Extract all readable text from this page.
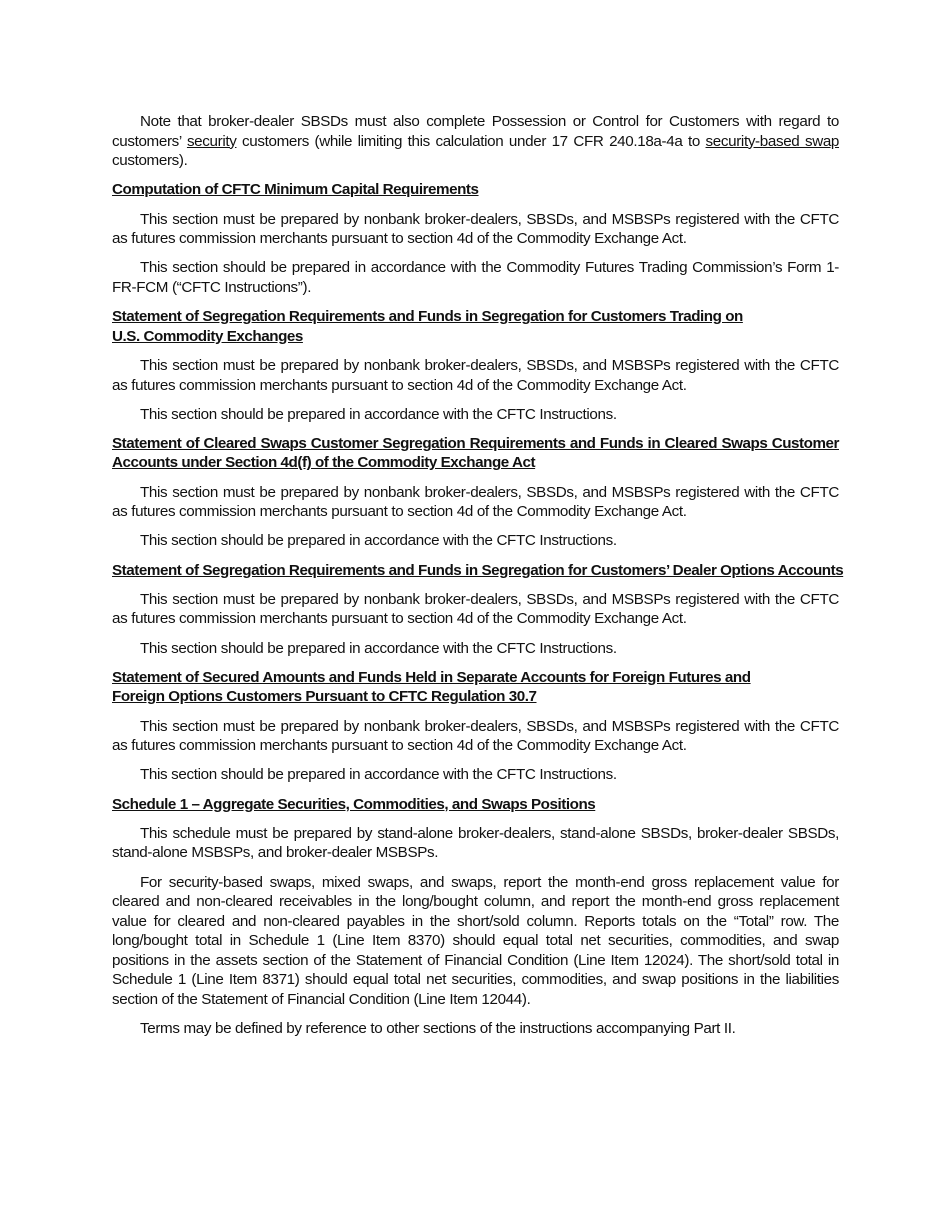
Note that broker-dealer SBSDs must also complete Possession or Control for Customers with regard to customers’ security customers (while limiting this calculation under 17 CFR 240.18a-4a to security-based swap customers).

Computation of CFTC Minimum Capital Requirements

This section must be prepared by nonbank broker-dealers, SBSDs, and MSBSPs registered with the CFTC as futures commission merchants pursuant to section 4d of the Commodity Exchange Act.

This section should be prepared in accordance with the Commodity Futures Trading Commission’s Form 1-FR-FCM (“CFTC Instructions”).

Statement of Segregation Requirements and Funds in Segregation for Customers Trading on U.S. Commodity Exchanges

This section must be prepared by nonbank broker-dealers, SBSDs, and MSBSPs registered with the CFTC as futures commission merchants pursuant to section 4d of the Commodity Exchange Act.

This section should be prepared in accordance with the CFTC Instructions.

Statement of Cleared Swaps Customer Segregation Requirements and Funds in Cleared Swaps Customer Accounts under Section 4d(f) of the Commodity Exchange Act

This section must be prepared by nonbank broker-dealers, SBSDs, and MSBSPs registered with the CFTC as futures commission merchants pursuant to section 4d of the Commodity Exchange Act.

This section should be prepared in accordance with the CFTC Instructions.

Statement of Segregation Requirements and Funds in Segregation for Customers’ Dealer Options Accounts

This section must be prepared by nonbank broker-dealers, SBSDs, and MSBSPs registered with the CFTC as futures commission merchants pursuant to section 4d of the Commodity Exchange Act.

This section should be prepared in accordance with the CFTC Instructions.

Statement of Secured Amounts and Funds Held in Separate Accounts for Foreign Futures and Foreign Options Customers Pursuant to CFTC Regulation 30.7

This section must be prepared by nonbank broker-dealers, SBSDs, and MSBSPs registered with the CFTC as futures commission merchants pursuant to section 4d of the Commodity Exchange Act.

This section should be prepared in accordance with the CFTC Instructions.

Schedule 1 – Aggregate Securities, Commodities, and Swaps Positions

This schedule must be prepared by stand-alone broker-dealers, stand-alone SBSDs, broker-dealer SBSDs, stand-alone MSBSPs, and broker-dealer MSBSPs.

For security-based swaps, mixed swaps, and swaps, report the month-end gross replacement value for cleared and non-cleared receivables in the long/bought column, and report the month-end gross replacement value for cleared and non-cleared payables in the short/sold column. Reports totals on the “Total” row. The long/bought total in Schedule 1 (Line Item 8370) should equal total net securities, commodities, and swap positions in the assets section of the Statement of Financial Condition (Line Item 12024). The short/sold total in Schedule 1 (Line Item 8371) should equal total net securities, commodities, and swap positions in the liabilities section of the Statement of Financial Condition (Line Item 12044).

Terms may be defined by reference to other sections of the instructions accompanying Part II.
